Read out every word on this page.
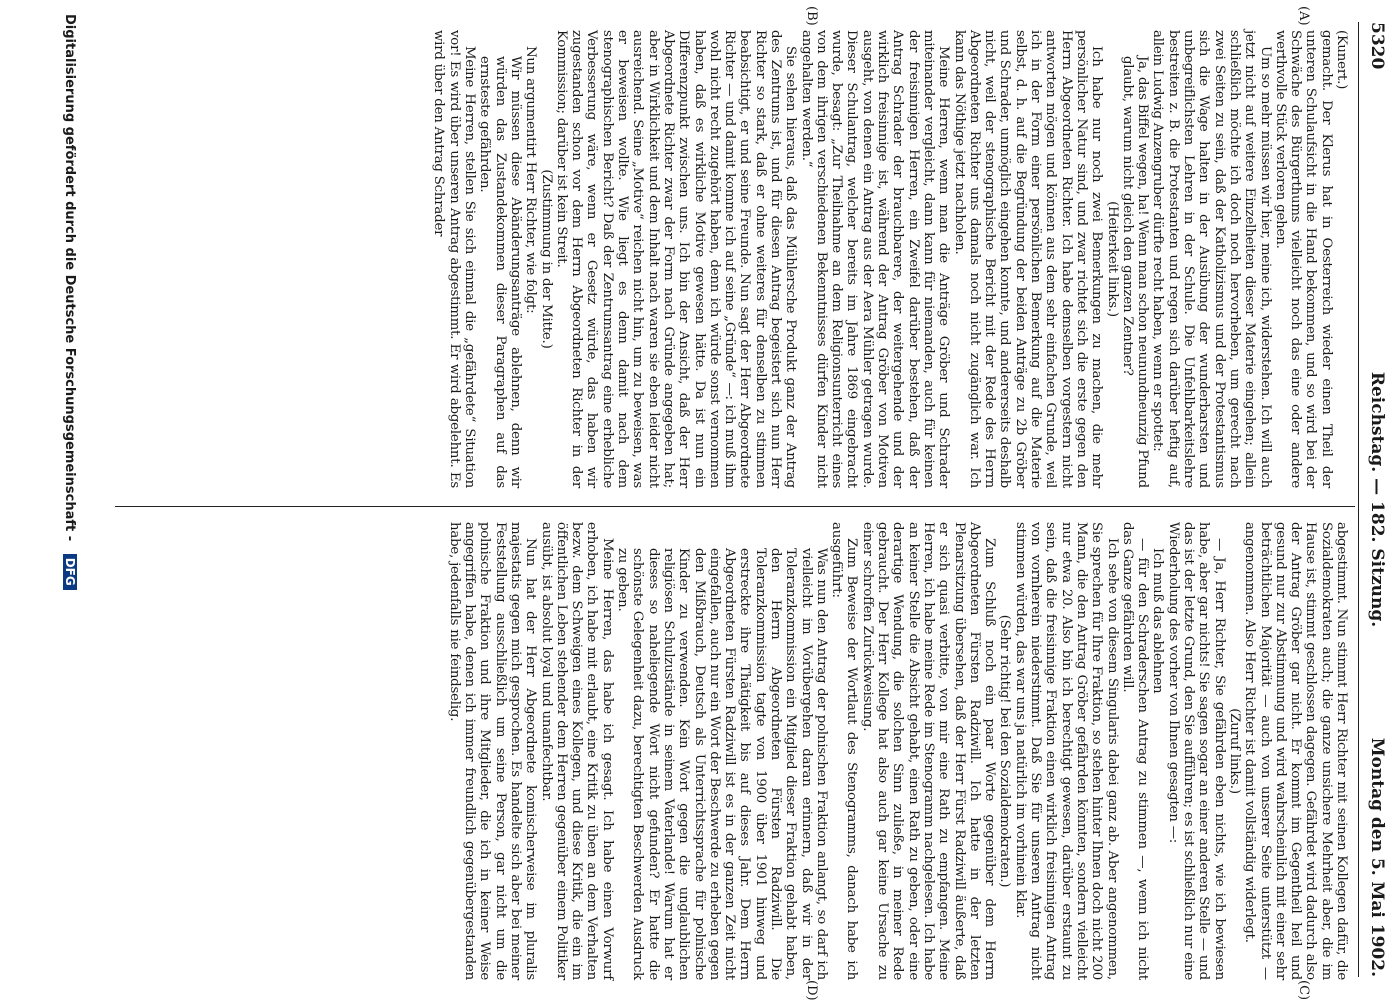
5320
Reichstag. — 182. Sitzung.
Montag den 5. Mai 1902.
(A)
(B)
(C)
(D)

(Kunert.)

gemacht. Der Klerus hat in Oesterreich wieder einen Theil der unteren Schulaufsicht in die Hand bekommen, und so wird bei der Schwäche des Bürgerthums vielleicht noch das eine oder andere werthvolle Stück verloren gehen.

Um so mehr müssen wir hier, meine ich, widerstehen. Ich will auch jetzt nicht auf weitere Einzelheiten dieser Materie eingehen; allein schließlich möchte ich doch noch hervorheben, um gerecht nach zwei Seiten zu sein, daß der Katholizismus und der Protestantismus sich die Wage halten in der Ausübung der wunderbarsten und unbegreiflichsten Lehren in der Schule. Die Unfehlbarkeitslehre bestreiten z. B. die Protestanten und regen sich darüber heftig auf, allein Ludwig Anzengruber dürfte recht haben, wenn er spottet:

Ja, das Biffel wegen, ha! Wenn man schon neunundneunzig Pfund glaubt, warum nicht gleich den ganzen Zentner?

(Heiterkeit links.)

Ich habe nur noch zwei Bemerkungen zu machen, die mehr persönlicher Natur sind, und zwar richtet sich die erste gegen den Herrn Abgeordneten Richter. Ich habe demselben vorgestern nicht antworten mögen und können aus dem sehr einfachen Grunde, weil ich in der Form einer persönlichen Bemerkung auf die Materie selbst, d. h. auf die Begründung der beiden Anträge zu 2b Gröber und Schrader, unmöglich eingehen konnte, und andererseits deshalb nicht, weil der stenographische Bericht mit der Rede des Herrn Abgeordneten Richter uns damals noch nicht zugänglich war. Ich kann das Nöthige jetzt nachholen.

Meine Herren, wenn man die Anträge Gröber und Schrader miteinander vergleicht, dann kann für niemanden, auch für keinen der freisinnigen Herren, ein Zweifel darüber bestehen, daß der Antrag Schrader der brauchbarere, der weitergehende und der wirklich freisinnige ist, während der Antrag Gröber von Motiven ausgeht, von denen ein Antrag aus der Aera Mühler getragen wurde. Dieser Schulantrag, welcher bereits im Jahre 1869 eingebracht wurde, besagt: „Zur Theilnahme an dem Religionsunterricht eines von dem ihrigen verschiedenen Bekenntnisses dürfen Kinder nicht angehalten werden.“

Sie sehen hieraus, daß das Mühlersche Produkt ganz der Antrag des Zentrums ist, und für diesen Antrag begeistert sich nun Herr Richter so stark, daß er ohne weiteres für denselben zu stimmen beabsichtigt, er und seine Freunde. Nun sagt der Herr Abgeordnete Richter — und damit komme ich auf seine „Gründe“ —: ich muß ihm wohl nicht recht zugehört haben, denn ich würde sonst vernommen haben, daß es wirkliche Motive gewesen hätte. Da ist nun ein Differenzpunkt zwischen uns. Ich bin der Ansicht, daß der Herr Abgeordnete Richter zwar der Form nach Gründe angegeben hat; aber in Wirklichkeit und dem Inhalt nach waren sie eben leider nicht ausreichend. Seine „Motive“ reichen nicht hin, um zu beweisen, was er beweisen wollte. Wie liegt es denn damit nach dem stenographischen Bericht? Daß der Zentrumsantrag eine erhebliche Verbesserung wäre, wenn er Gesetz würde, das haben wir zugestanden schon vor dem Herrn Abgeordneten Richter in der Kommission; darüber ist kein Streit.

(Zustimmung in der Mitte.)

Nun argumentirt Herr Richter, wie folgt:

Wir müssen diese Abänderungsanträge ablehnen, denn wir würden das Zustandekommen dieser Paragraphen auf das ernsteste gefährden.

Meine Herren, stellen Sie sich einmal die „gefährdete“ Situation vor! Es wird über unseren Antrag abgestimmt. Er wird abgelehnt. Es wird über den Antrag Schrader

abgestimmt. Nun stimmt Herr Richter mit seinen Kollegen dafür, die Sozialdemokraten auch; die ganze unsichere Mehrheit aber, die im Hause ist, stimmt geschlossen dagegen. Gefährdet wird dadurch also der Antrag Gröber gar nicht. Er kommt im Gegentheil heil und gesund nur zur Abstimmung und wird wahrscheinlich mit einer sehr beträchtlichen Majorität — auch von unserer Seite unterstützt — angenommen. Also Herr Richter ist damit vollständig widerlegt.

(Zuruf links.)

— Ja, Herr Richter, Sie gefährden eben nichts, wie ich bewiesen habe, aber gar nichts! Sie sagen sogar an einer anderen Stelle — und das ist der letzte Grund, den Sie aufführen; es ist schließlich nur eine Wiederholung des vorher von Ihnen gesagten —:

Ich muß das ablehnen

— für den Schraderschen Antrag zu stimmen —, wenn ich nicht das Ganze gefährden will.

Ich sehe von diesem Singularis dabei ganz ab. Aber angenommen, Sie sprechen für Ihre Fraktion, so stehen hinter Ihnen doch nicht 200 Mann, die den Antrag Gröber gefährden könnten, sondern vielleicht nur etwa 20. Also bin ich berechtigt gewesen, darüber erstaunt zu sein, daß die freisinnige Fraktion einen wirklich freisinnigen Antrag von vornherein niederstimmt. Daß Sie für unseren Antrag nicht stimmen würden, das war uns ja natürlich im vorhinein klar.

(Sehr richtig! bei den Sozialdemokraten.)

Zum Schluß noch ein paar Worte gegenüber dem Herrn Abgeordneten Fürsten Radziwill. Ich hatte in der letzten Plenarsitzung übersehen, daß der Herr Fürst Radziwill äußerte, daß er sich quasi verbitte, von mir eine Rath zu empfangen. Meine Herren, ich habe meine Rede im Stenogramm nachgelesen. Ich habe an keiner Stelle die Absicht gehabt, einen Rath zu geben, oder eine derartige Wendung, die solchen Sinn zuließe, in meiner Rede gebraucht. Der Herr Kollege hat also auch gar keine Ursache zu einer schroffen Zurückweisung.

Zum Beweise der Wortlaut des Stenogramms, danach habe ich ausgeführt:

Was nun den Antrag der polnischen Fraktion anlangt, so darf ich vielleicht im Vorübergehen daran erinnern, daß wir in der Toleranzkommission ein Mitglied dieser Fraktion gehabt haben, den Herrn Abgeordneten Fürsten Radziwill. Die Toleranzkommission tagte von 1900 über 1901 hinweg und erstreckte ihre Thätigkeit bis auf dieses Jahr. Dem Herrn Abgeordneten Fürsten Radziwill ist es in der ganzen Zeit nicht eingefallen, auch nur ein Wort der Beschwerde zu erheben gegen den Mißbrauch, Deutsch als Unterrichtssprache für polnische Kinder zu verwenden. Kein Wort gegen die unglaublichen religiösen Schulzustände in seinem Vaterlande! Warum hat er dieses so naheliegende Wort nicht gefunden? Er hatte die schönste Gelegenheit dazu, berechtigten Beschwerden Ausdruck zu geben.

Meine Herren, das habe ich gesagt. Ich habe einen Vorwurf erhoben, ich habe mit erlaubt, eine Kritik zu üben an dem Verhalten bezw. dem Schweigen eines Kollegen, und diese Kritik, die ein im öffentlichen Leben stehender dem Herren gegenüber einem Politiker ausübt, ist absolut loyal und unanfechtbar.

Nun hat der Herr Abgeordnete komischerweise im pluralis majestatis gegen mich gesprochen. Es handelte sich aber bei meiner Feststellung ausschließlich um seine Person, gar nicht um die polnische Fraktion und ihre Mitglieder, die ich in keiner Weise angegriffen habe, denen ich immer freundlich gegenübergestanden habe, jedenfalls nie feindselig.

Digitalisierung gefördert durch die Deutsche Forschungsgemeinschaft - DFG
